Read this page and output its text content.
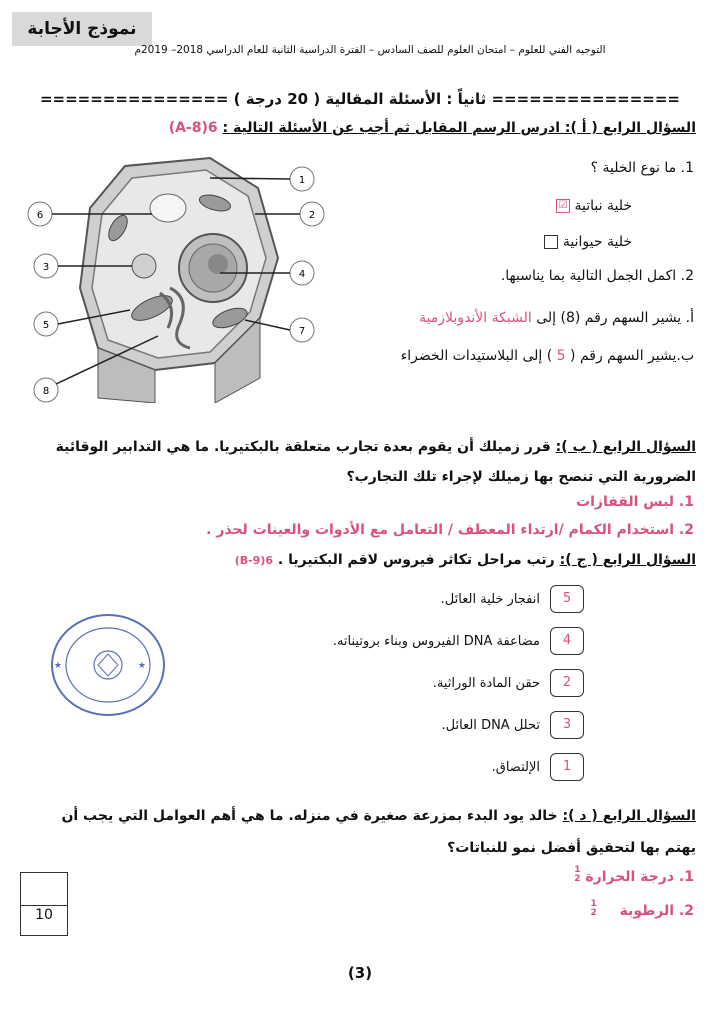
نموذج الأجابة
التوجيه الفني للعلوم – امتحان العلوم للصف السادس – الفترة الدراسية الثانية للعام الدراسي 2018– 2019م
=============== ثانياً : الأسئلة المقالية ( 20 درجة ) ===============
السؤال الرابع ( أ ): ادرس الرسم المقابل ثم أجب عن الأسئلة التالية : 6(A-8)
1
2
3
4
5
6
7
8
1. ما نوع الخلية ؟
خلية نباتية ☑
خلية حيوانية
2. اكمل الجمل التالية بما يناسبها.
أ. يشير السهم رقم (8) إلى الشبكة الأندوبلازمية
ب.يشير السهم رقم ( 5 ) إلى البلاستيدات الخضراء
السؤال الرابع ( ب ): قرر زميلك أن يقوم بعدة تجارب متعلقة بالبكتيريا. ما هي التدابير الوقائية الضرورية التي تنصح بها زميلك لإجراء تلك التجارب؟
1. لبس القفازات
2. استخدام الكمام /ارتداء المعطف / التعامل مع الأدوات والعينات لحذر .
السؤال الرابع ( ج ): رتب مراحل تكاثر فيروس لاقم البكتيريا . 6(B-9)
5
انفجار خلية العائل.
4
مضاعفة DNA الفيروس وبناء بروتيناته.
2
حقن المادة الوراثية.
3
تحلل DNA العائل.
1
الإلتصاق.
★	★
السؤال الرابع ( د ): خالد يود البدء بمزرعة صغيرة في منزله. ما هي أهم العوامل التي يجب أن يهتم بها لتحقيق أفضل نمو للنباتات؟
1. درجة الحرارة 1
2
2. الرطوبة 1
2
10
(3)
